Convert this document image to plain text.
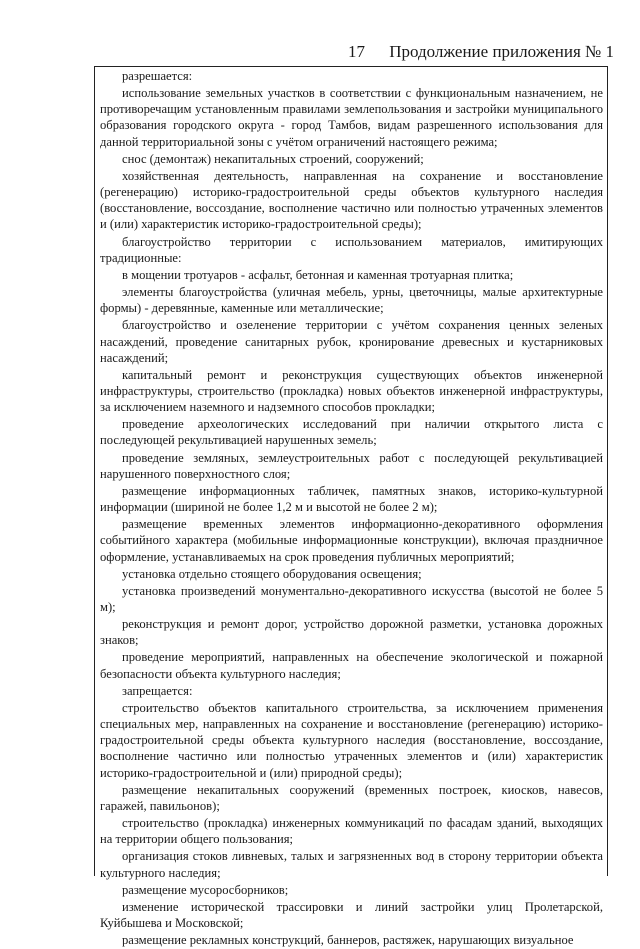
17 Продолжение приложения № 1

разрешается:

использование земельных участков в соответствии с функциональным назначением, не противоречащим установленным правилами землепользования и застройки муниципального образования городского округа - город Тамбов, видам разрешенного использования для данной территориальной зоны с учётом ограничений настоящего режима;

снос (демонтаж) некапитальных строений, сооружений;

хозяйственная деятельность, направленная на сохранение и восстановление (регенерацию) историко-градостроительной среды объектов культурного наследия (восстановление, воссоздание, восполнение частично или полностью утраченных элементов и (или) характеристик историко-градостроительной среды);

благоустройство территории с использованием материалов, имитирующих традиционные:

в мощении тротуаров - асфальт, бетонная и каменная тротуарная плитка;

элементы благоустройства (уличная мебель, урны, цветочницы, малые архитектурные формы) - деревянные, каменные или металлические;

благоустройство и озеленение территории с учётом сохранения ценных зеленых насаждений, проведение санитарных рубок, кронирование древесных и кустарниковых насаждений;

капитальный ремонт и реконструкция существующих объектов инженерной инфраструктуры, строительство (прокладка) новых объектов инженерной инфраструктуры, за исключением наземного и надземного способов прокладки;

проведение археологических исследований при наличии открытого листа с последующей рекультивацией нарушенных земель;

проведение земляных, землеустроительных работ с последующей рекультивацией нарушенного поверхностного слоя;

размещение информационных табличек, памятных знаков, историко-культурной информации (шириной не более 1,2 м и высотой не более 2 м);

размещение временных элементов информационно-декоративного оформления событийного характера (мобильные информационные конструкции), включая праздничное оформление, устанавливаемых на срок проведения публичных мероприятий;

установка отдельно стоящего оборудования освещения;

установка произведений монументально-декоративного искусства (высотой не более 5 м);

реконструкция и ремонт дорог, устройство дорожной разметки, установка дорожных знаков;

проведение мероприятий, направленных на обеспечение экологической и пожарной безопасности объекта культурного наследия;

запрещается:

строительство объектов капитального строительства, за исключением применения специальных мер, направленных на сохранение и восстановление (регенерацию) историко-градостроительной среды объекта культурного наследия (восстановление, воссоздание, восполнение частично или полностью утраченных элементов и (или) характеристик историко-градостроительной и (или) природной среды);

размещение некапитальных сооружений (временных построек, киосков, навесов, гаражей, павильонов);

строительство (прокладка) инженерных коммуникаций по фасадам зданий, выходящих на территории общего пользования;

организация стоков ливневых, талых и загрязненных вод в сторону территории объекта культурного наследия;

размещение мусоросборников;

изменение исторической трассировки и линий застройки улиц Пролетарской, Куйбышева и Московской;

размещение рекламных конструкций, баннеров, растяжек, нарушающих визуальное
